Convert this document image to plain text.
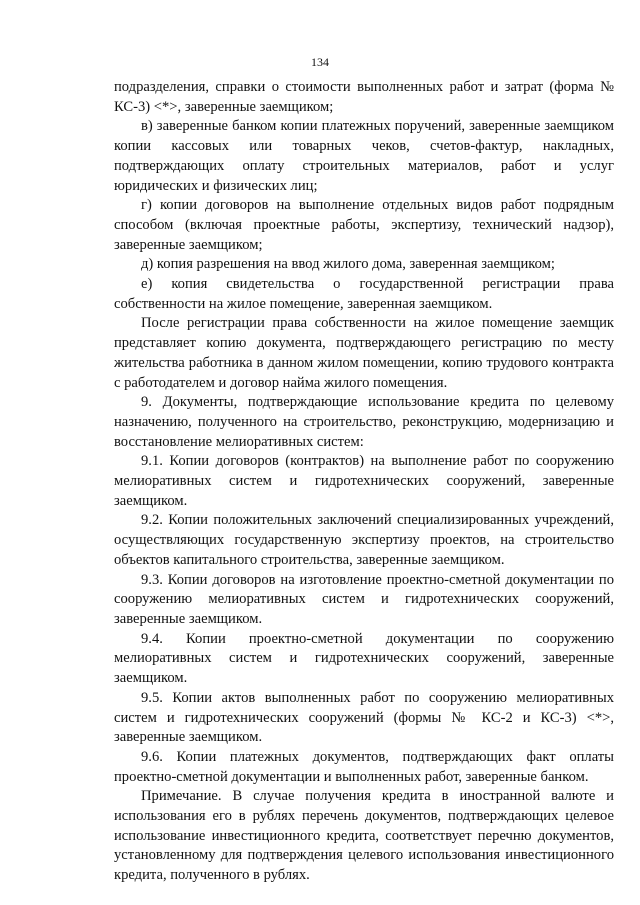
134

подразделения, справки о стоимости выполненных работ и затрат (форма № КС-3) <*>, заверенные заемщиком;

в) заверенные банком копии платежных поручений, заверенные заемщиком копии кассовых или товарных чеков, счетов-фактур, накладных, подтверждающих оплату строительных материалов, работ и услуг юридических и физических лиц;

г) копии договоров на выполнение отдельных видов работ подрядным способом (включая проектные работы, экспертизу, технический надзор), заверенные заемщиком;

д) копия разрешения на ввод жилого дома, заверенная заемщиком;

е) копия свидетельства о государственной регистрации права собственности на жилое помещение, заверенная заемщиком.

После регистрации права собственности на жилое помещение заемщик представляет копию документа, подтверждающего регистрацию по месту жительства работника в данном жилом помещении, копию трудового контракта с работодателем и договор найма жилого помещения.

9. Документы, подтверждающие использование кредита по целевому назначению, полученного на строительство, реконструкцию, модернизацию и восстановление мелиоративных систем:

9.1. Копии договоров (контрактов) на выполнение работ по сооружению мелиоративных систем и гидротехнических сооружений, заверенные заемщиком.

9.2. Копии положительных заключений специализированных учреждений, осуществляющих государственную экспертизу проектов, на строительство объектов капитального строительства, заверенные заемщиком.

9.3. Копии договоров на изготовление проектно-сметной документации по сооружению мелиоративных систем и гидротехнических сооружений, заверенные заемщиком.

9.4. Копии проектно-сметной документации по сооружению мелиоративных систем и гидротехнических сооружений, заверенные заемщиком.

9.5. Копии актов выполненных работ по сооружению мелиоративных систем и гидротехнических сооружений (формы № КС-2 и КС-3) <*>, заверенные заемщиком.

9.6. Копии платежных документов, подтверждающих факт оплаты проектно-сметной документации и выполненных работ, заверенные банком.

Примечание. В случае получения кредита в иностранной валюте и использования его в рублях перечень документов, подтверждающих целевое использование инвестиционного кредита, соответствует перечню документов, установленному для подтверждения целевого использования инвестиционного кредита, полученного в рублях.
